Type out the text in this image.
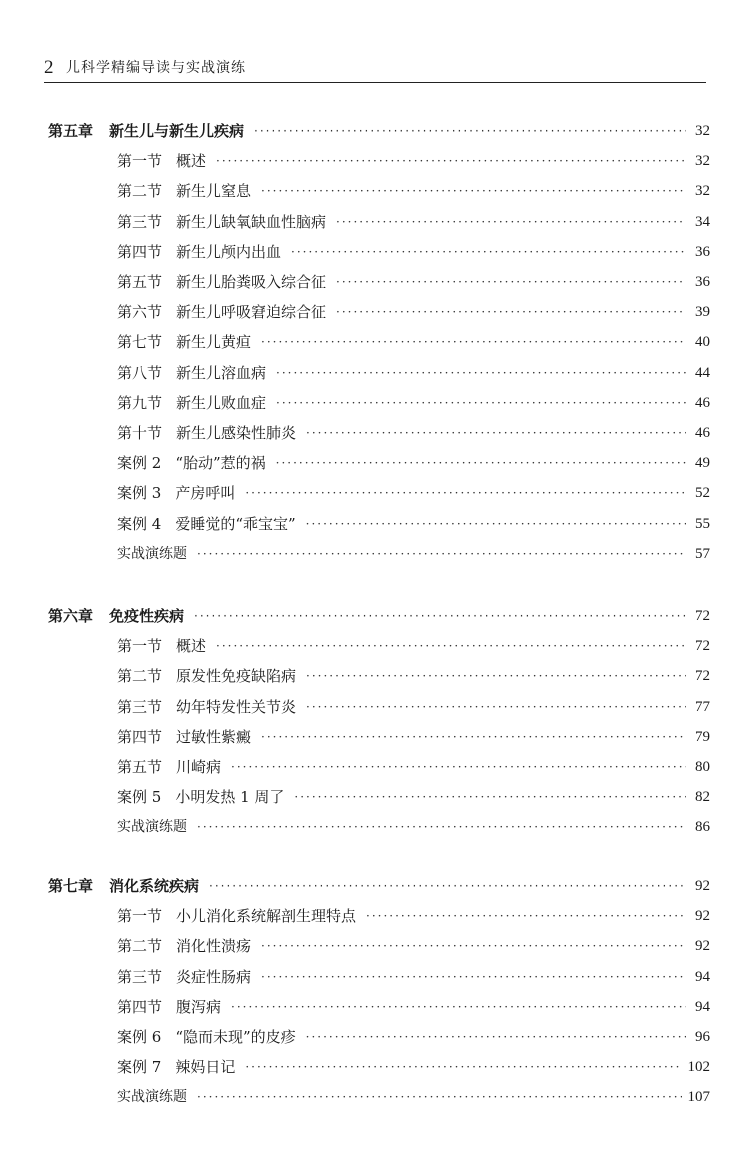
2 儿科学精编导读与实战演练
第五章 新生儿与新生儿疾病 ·····	32
第一节 概述 ·····	32
第二节 新生儿窒息 ·····	32
第三节 新生儿缺氧缺血性脑病 ·····	34
第四节 新生儿颅内出血 ·····	36
第五节 新生儿胎粪吸入综合征 ·····	36
第六节 新生儿呼吸窘迫综合征 ·····	39
第七节 新生儿黄疸 ·····	40
第八节 新生儿溶血病 ·····	44
第九节 新生儿败血症 ·····	46
第十节 新生儿感染性肺炎 ·····	46
案例 2 “胎动”惹的祸 ·····	49
案例 3 产房呼叫 ·····	52
案例 4 爱睡觉的“乖宝宝” ·····	55
实战演练题 ·····	57
第六章 免疫性疾病 ·····	72
第一节 概述 ·····	72
第二节 原发性免疫缺陷病 ·····	72
第三节 幼年特发性关节炎 ·····	77
第四节 过敏性紫癜 ·····	79
第五节 川崎病 ·····	80
案例 5 小明发热 1 周了 ·····	82
实战演练题 ·····	86
第七章 消化系统疾病 ·····	92
第一节 小儿消化系统解剖生理特点 ·····	92
第二节 消化性溃疡 ·····	92
第三节 炎症性肠病 ·····	94
第四节 腹泻病 ·····	94
案例 6 “隐而未现”的皮疹 ·····	96
案例 7 辣妈日记 ·····	102
实战演练题 ·····	107
